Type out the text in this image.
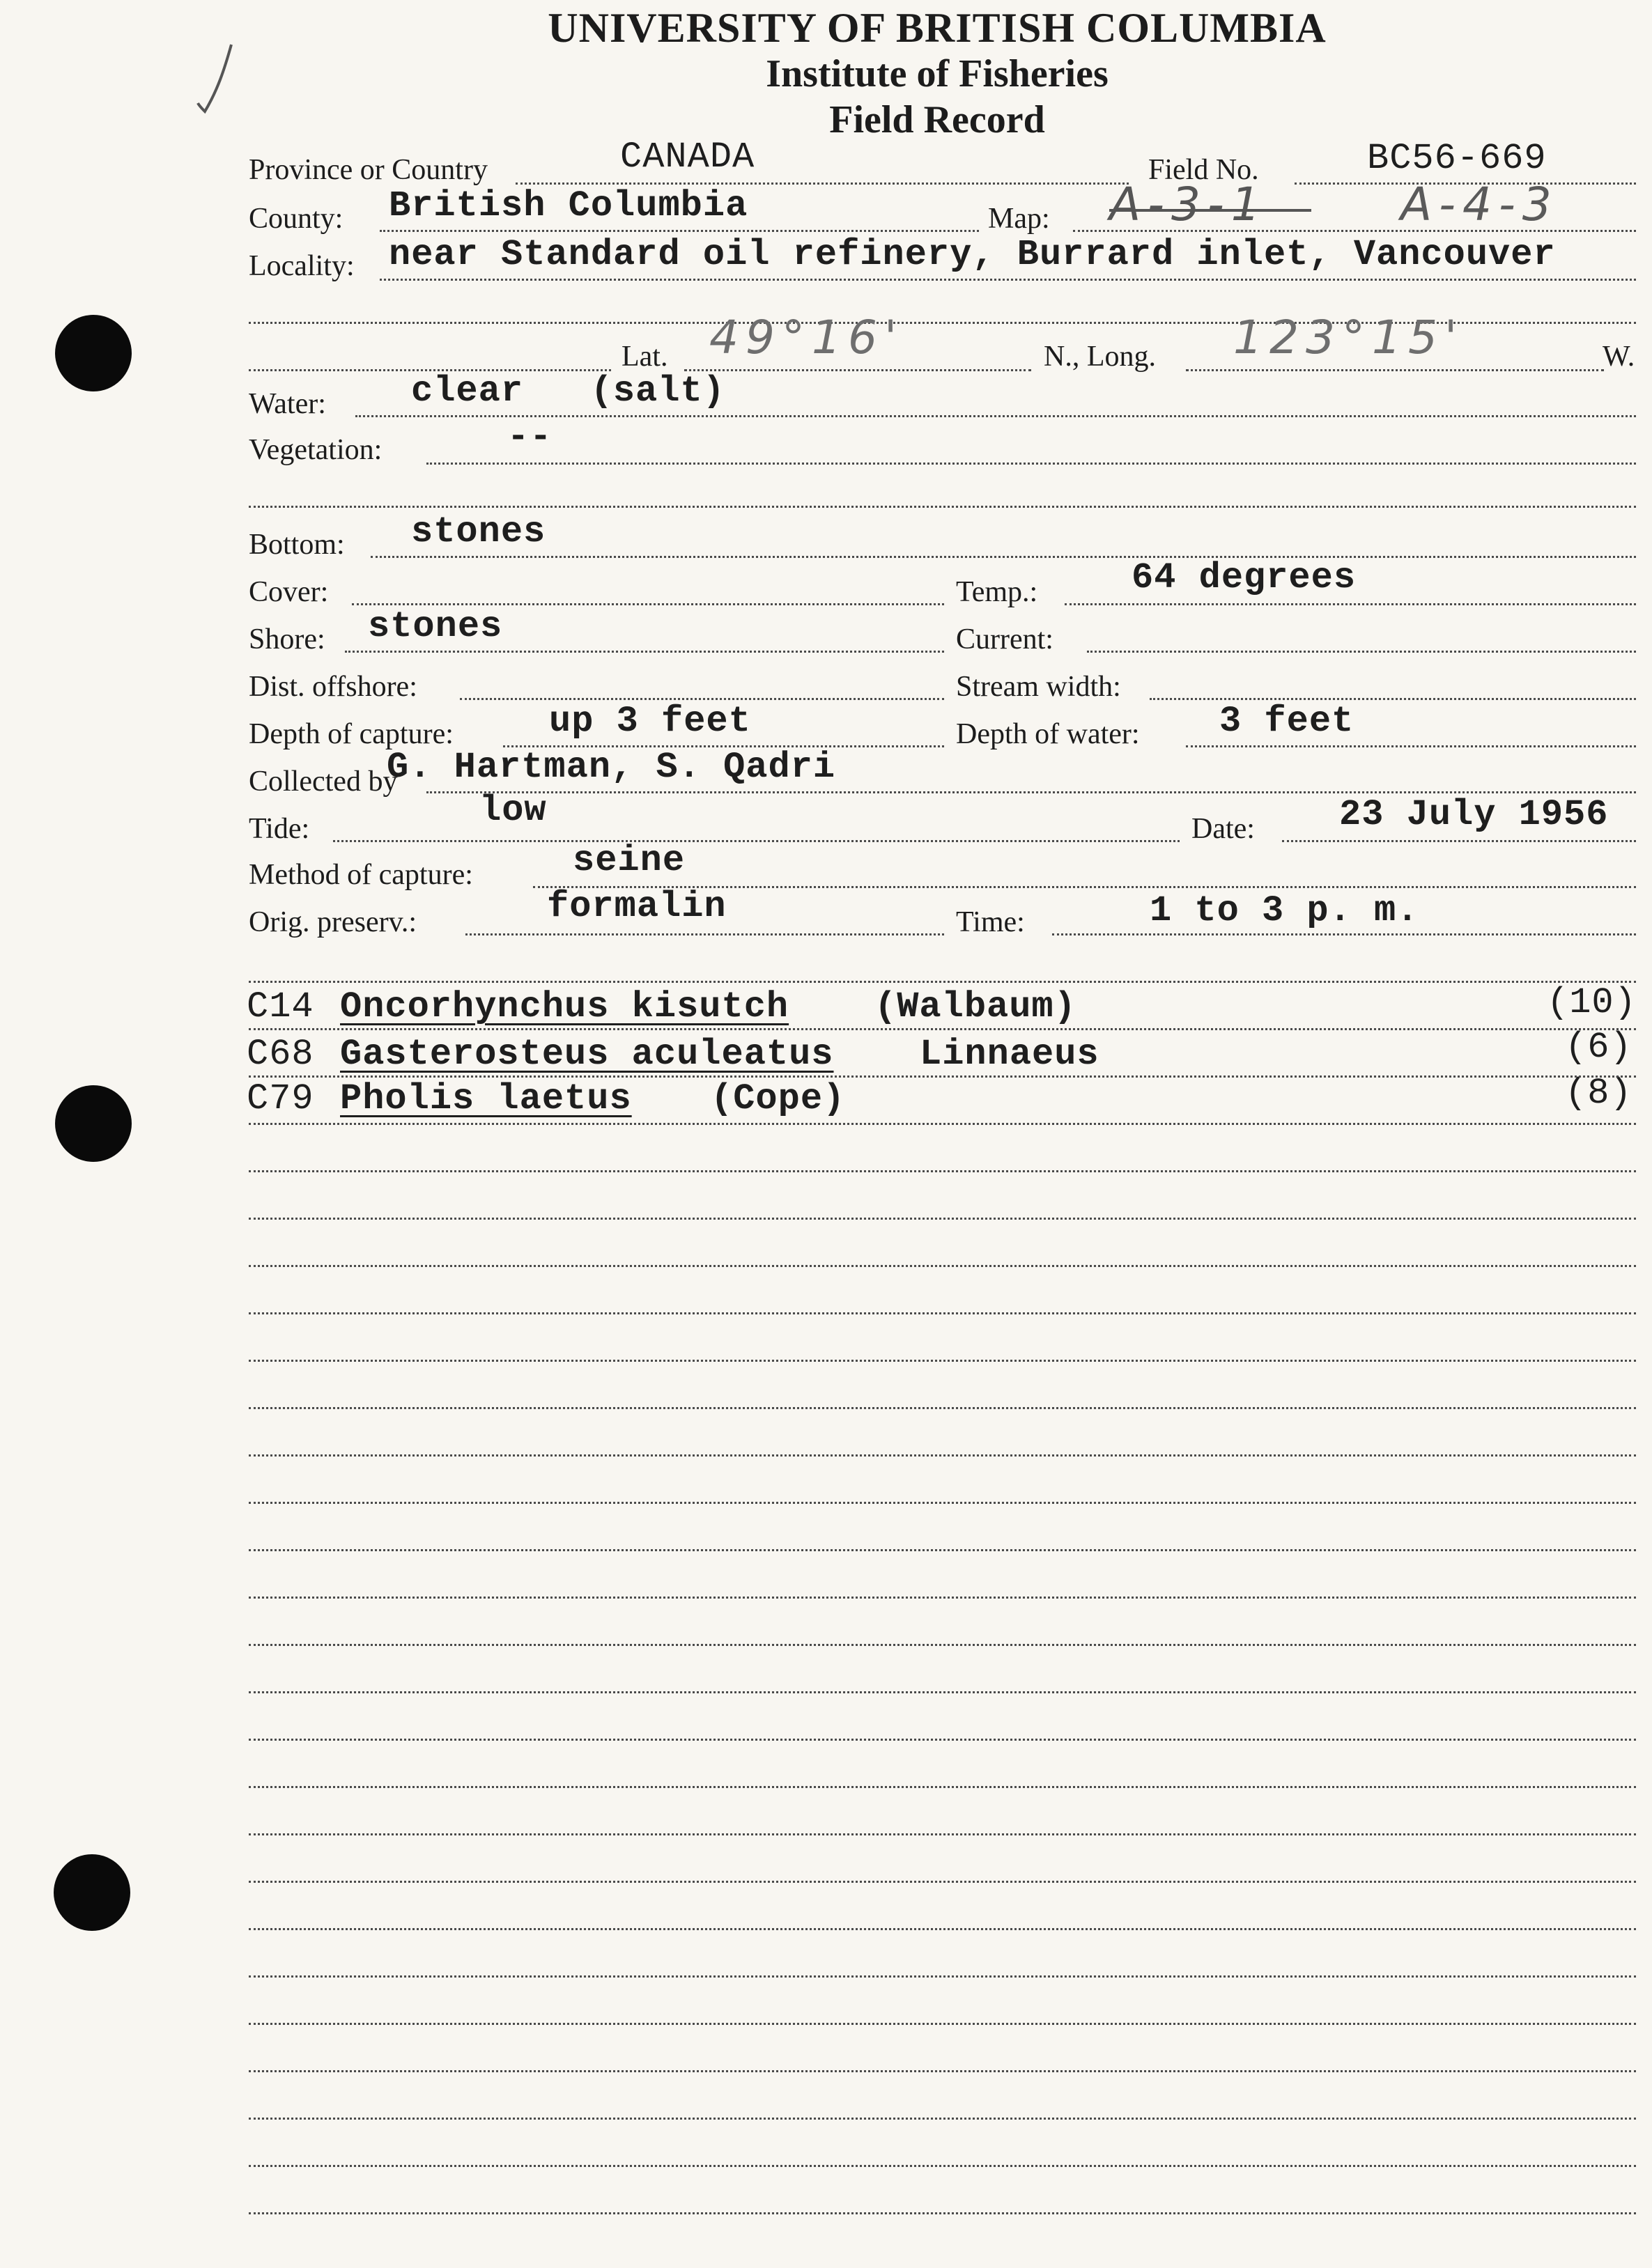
UNIVERSITY OF BRITISH COLUMBIA
Institute of Fisheries
Field Record
Province or Country	CANADA	Field No.	BC56-669
County: British Columbia	Map: A-3-1	A-4-3
Locality: near Standard oil refinery, Burrard inlet, Vancouver
Lat. 49°16'	N., Long. 123°15'	W.
Water: clear   (salt)
Vegetation:	--
Bottom: stones
Cover:	Temp.:	64 degrees
Shore: stones	Current:
Dist. offshore:	Stream width:
Depth of capture:	up 3 feet	Depth of water: 3 feet
Collected by
G. Hartman, S. Qadri
Tide:	low	Date: 23 July 1956
Method of capture:	seine
Orig. preserv.:	formalin	Time:	1 to 3 p. m.
C14 Oncorhynchus kisutch (Walbaum)	(10)
C68 Gasterosteus aculeatus Linnaeus	(6)
C79 Pholis laetus (Cope)	(8)
